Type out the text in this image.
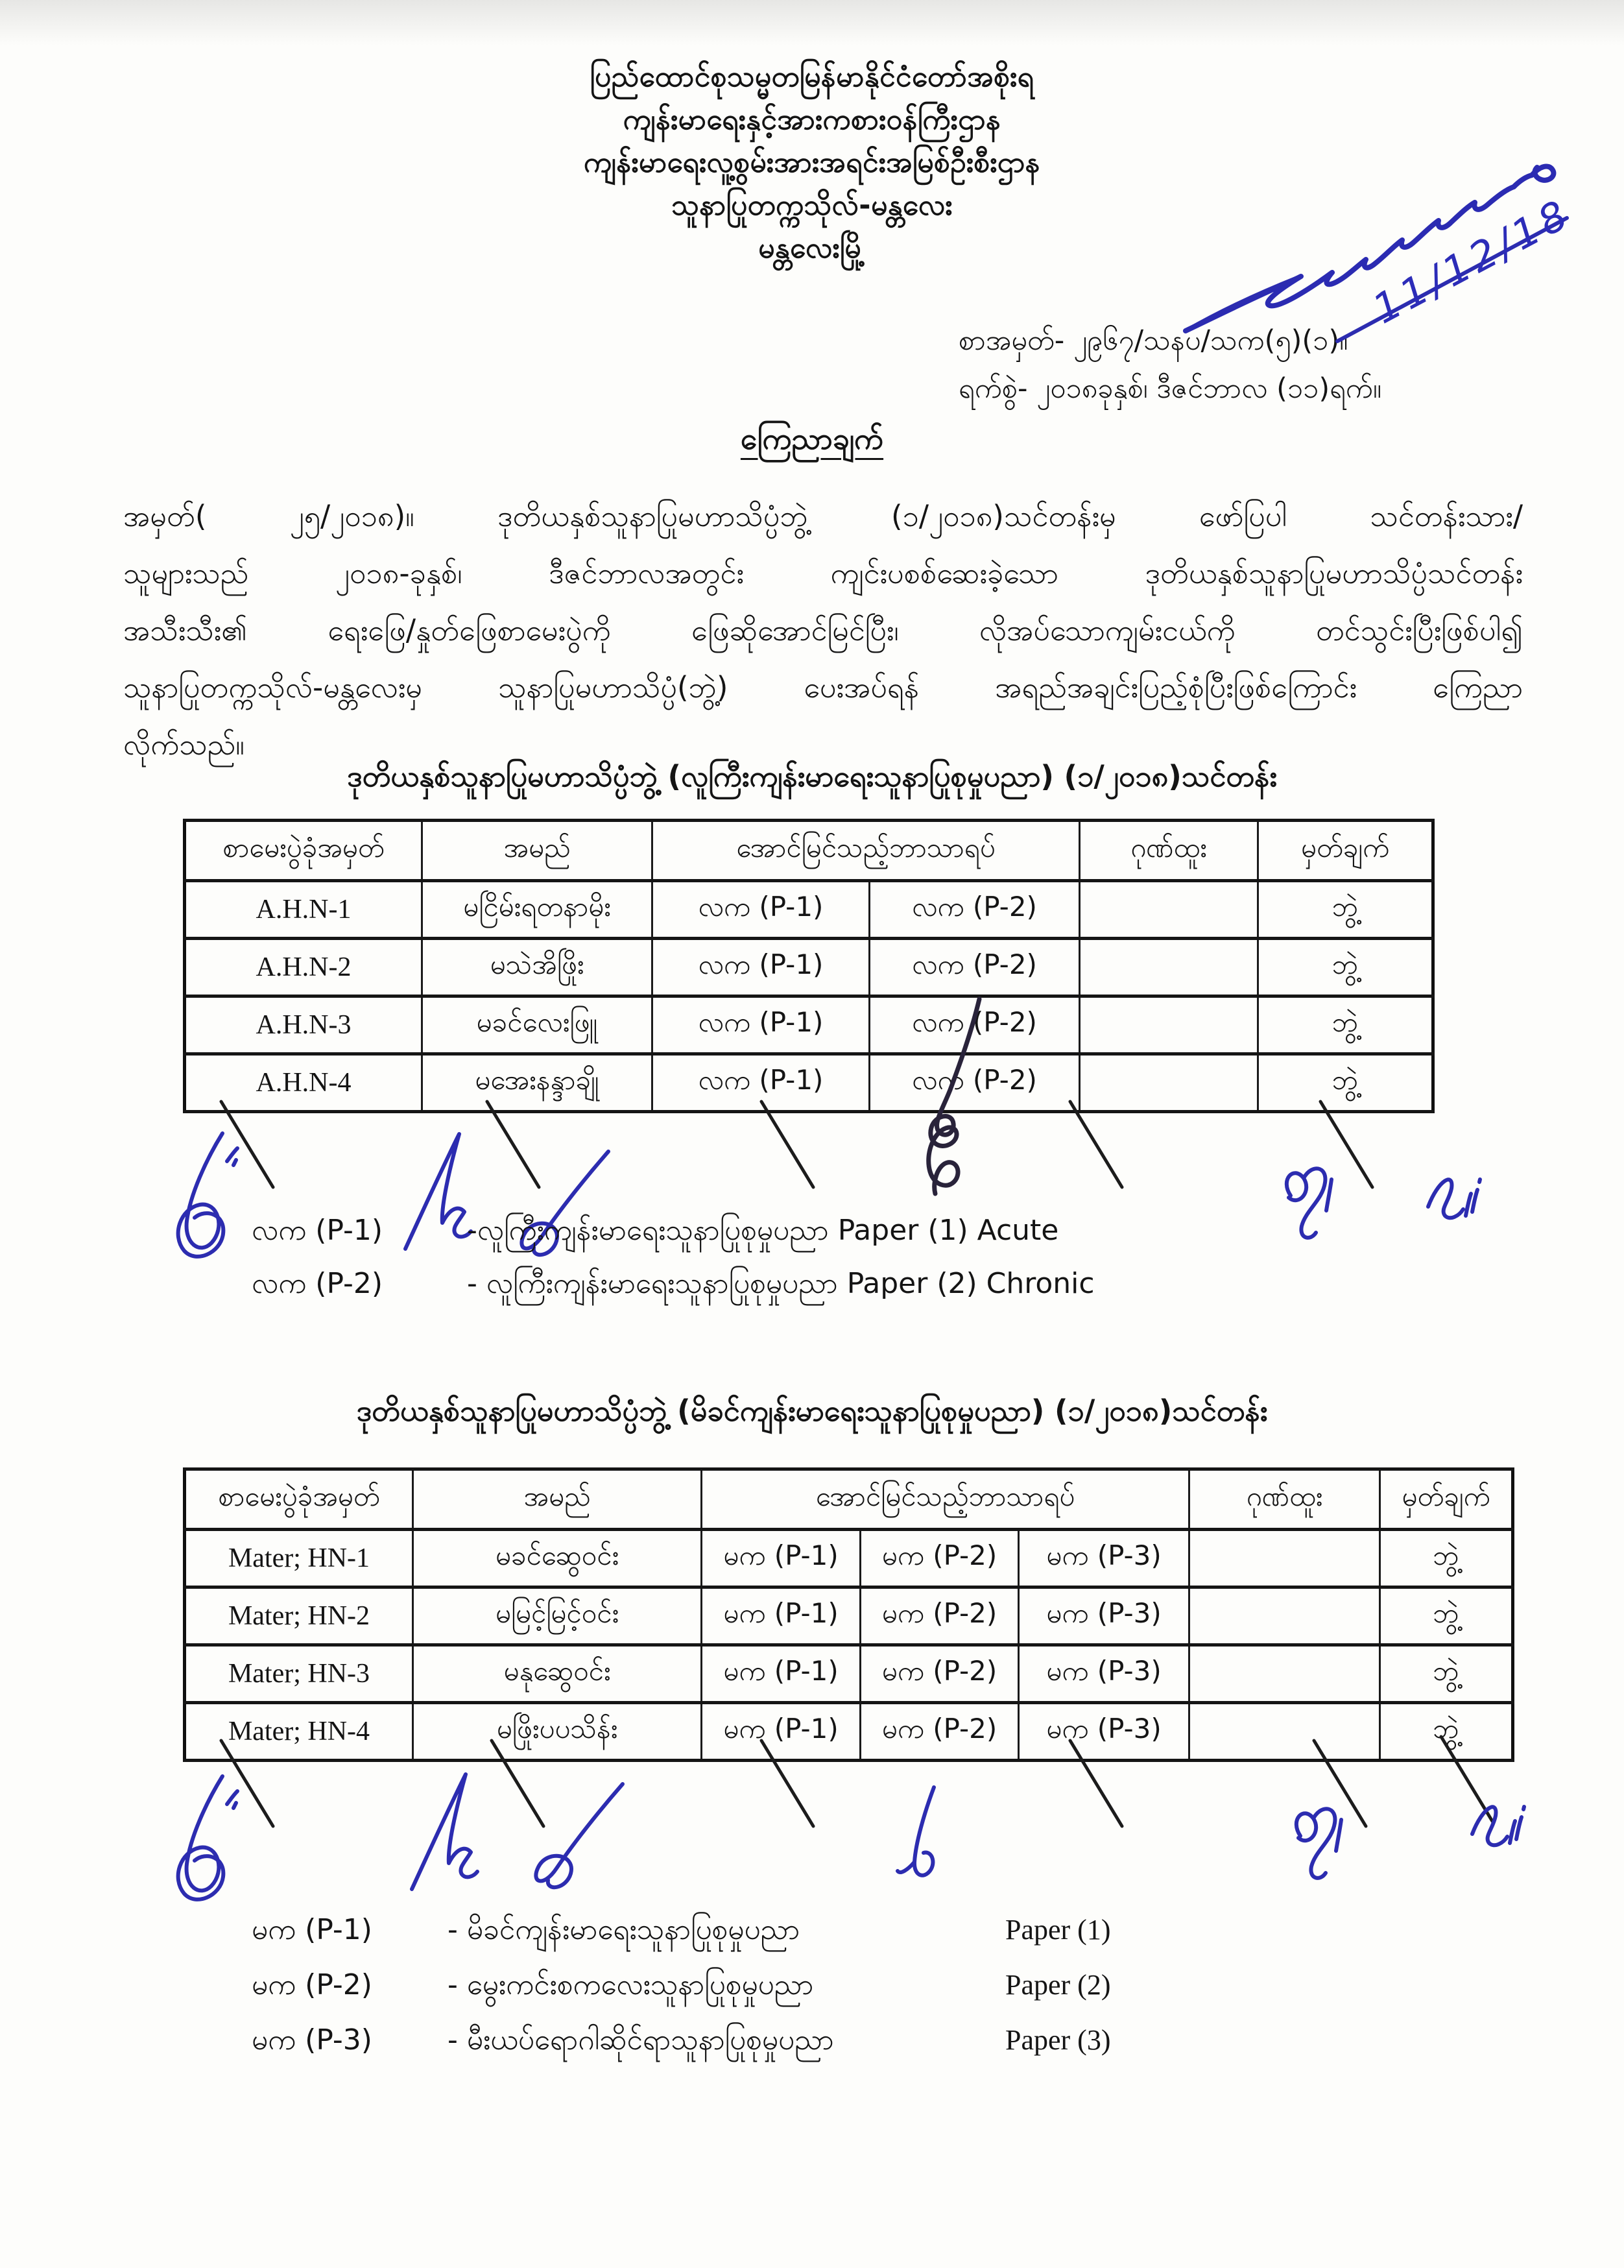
ပြည်ထောင်စုသမ္မတမြန်မာနိုင်ငံတော်အစိုးရ
ကျန်းမာရေးနှင့်အားကစားဝန်ကြီးဌာန
ကျန်းမာရေးလူ့စွမ်းအားအရင်းအမြစ်ဦးစီးဌာန
သူနာပြုတက္ကသိုလ်-မန္တလေး
မန္တလေးမြို့
စာအမှတ်- ၂၉၆၇/သနပ/သက(၅)(၁)။
ရက်စွဲ- ၂၀၁၈ခုနှစ်၊ ဒီဇင်ဘာလ (၁၁)ရက်။
11/12/18
ကြေညာချက်
အမှတ်( ၂၅/၂၀၁၈)။ ဒုတိယနှစ်သူနာပြုမဟာသိပ္ပံဘွဲ့ (၁/၂၀၁၈)သင်တန်းမှ ဖော်ပြပါ သင်တန်းသား/
သူများသည် ၂၀၁၈-ခုနှစ်၊ ဒီဇင်ဘာလအတွင်း ကျင်းပစစ်ဆေးခဲ့သော ဒုတိယနှစ်သူနာပြုမဟာသိပ္ပံသင်တန်း
အသီးသီး၏ ရေးဖြေ/နှုတ်ဖြေစာမေးပွဲကို ဖြေဆိုအောင်မြင်ပြီး၊ လိုအပ်သောကျမ်းငယ်ကို တင်သွင်းပြီးဖြစ်ပါ၍
သူနာပြုတက္ကသိုလ်-မန္တလေးမှ သူနာပြုမဟာသိပ္ပံ(ဘွဲ့) ပေးအပ်ရန် အရည်အချင်းပြည့်စုံပြီးဖြစ်ကြောင်း ကြေညာ
လိုက်သည်။
ဒုတိယနှစ်သူနာပြုမဟာသိပ္ပံဘွဲ့ (လူကြီးကျန်းမာရေးသူနာပြုစုမှုပညာ) (၁/၂၀၁၈)သင်တန်း
စာမေးပွဲခုံအမှတ်	အမည်	အောင်မြင်သည့်ဘာသာရပ်		ဂုဏ်ထူး	မှတ်ချက်
A.H.N-1	မငြိမ်းရတနာမိုး	လက (P-1)	လက (P-2)		ဘွဲ့
A.H.N-2	မသဲအိဖြိုး	လက (P-1)	လက (P-2)		ဘွဲ့
A.H.N-3	မခင်လေးဖြူ	လက (P-1)	လက (P-2)		ဘွဲ့
A.H.N-4	မအေးနန္ဒာချို	လက (P-1)	လက (P-2)		ဘွဲ့
လက (P-1)	-လူကြီးကျန်းမာရေးသူနာပြုစုမှုပညာ Paper (1) Acute
လက (P-2)	- လူကြီးကျန်းမာရေးသူနာပြုစုမှုပညာ Paper (2) Chronic
ဒုတိယနှစ်သူနာပြုမဟာသိပ္ပံဘွဲ့ (မိခင်ကျန်းမာရေးသူနာပြုစုမှုပညာ) (၁/၂၀၁၈)သင်တန်း
စာမေးပွဲခုံအမှတ်	အမည်	အောင်မြင်သည့်ဘာသာရပ်			ဂုဏ်ထူး	မှတ်ချက်
Mater; HN-1	မခင်ဆွေဝင်း	မက (P-1)	မက (P-2)	မက (P-3)		ဘွဲ့
Mater; HN-2	မမြင့်မြင့်ဝင်း	မက (P-1)	မက (P-2)	မက (P-3)		ဘွဲ့
Mater; HN-3	မနုဆွေဝင်း	မက (P-1)	မက (P-2)	မက (P-3)		ဘွဲ့
Mater; HN-4	မဖြိုးပပသိန်း	မက (P-1)	မက (P-2)	မက (P-3)		ဘွဲ့
မက (P-1)	- မိခင်ကျန်းမာရေးသူနာပြုစုမှုပညာ	Paper (1)
မက (P-2)	- မွေးကင်းစကလေးသူနာပြုစုမှုပညာ	Paper (2)
မက (P-3)	- မီးယပ်ရောဂါဆိုင်ရာသူနာပြုစုမှုပညာ	Paper (3)
